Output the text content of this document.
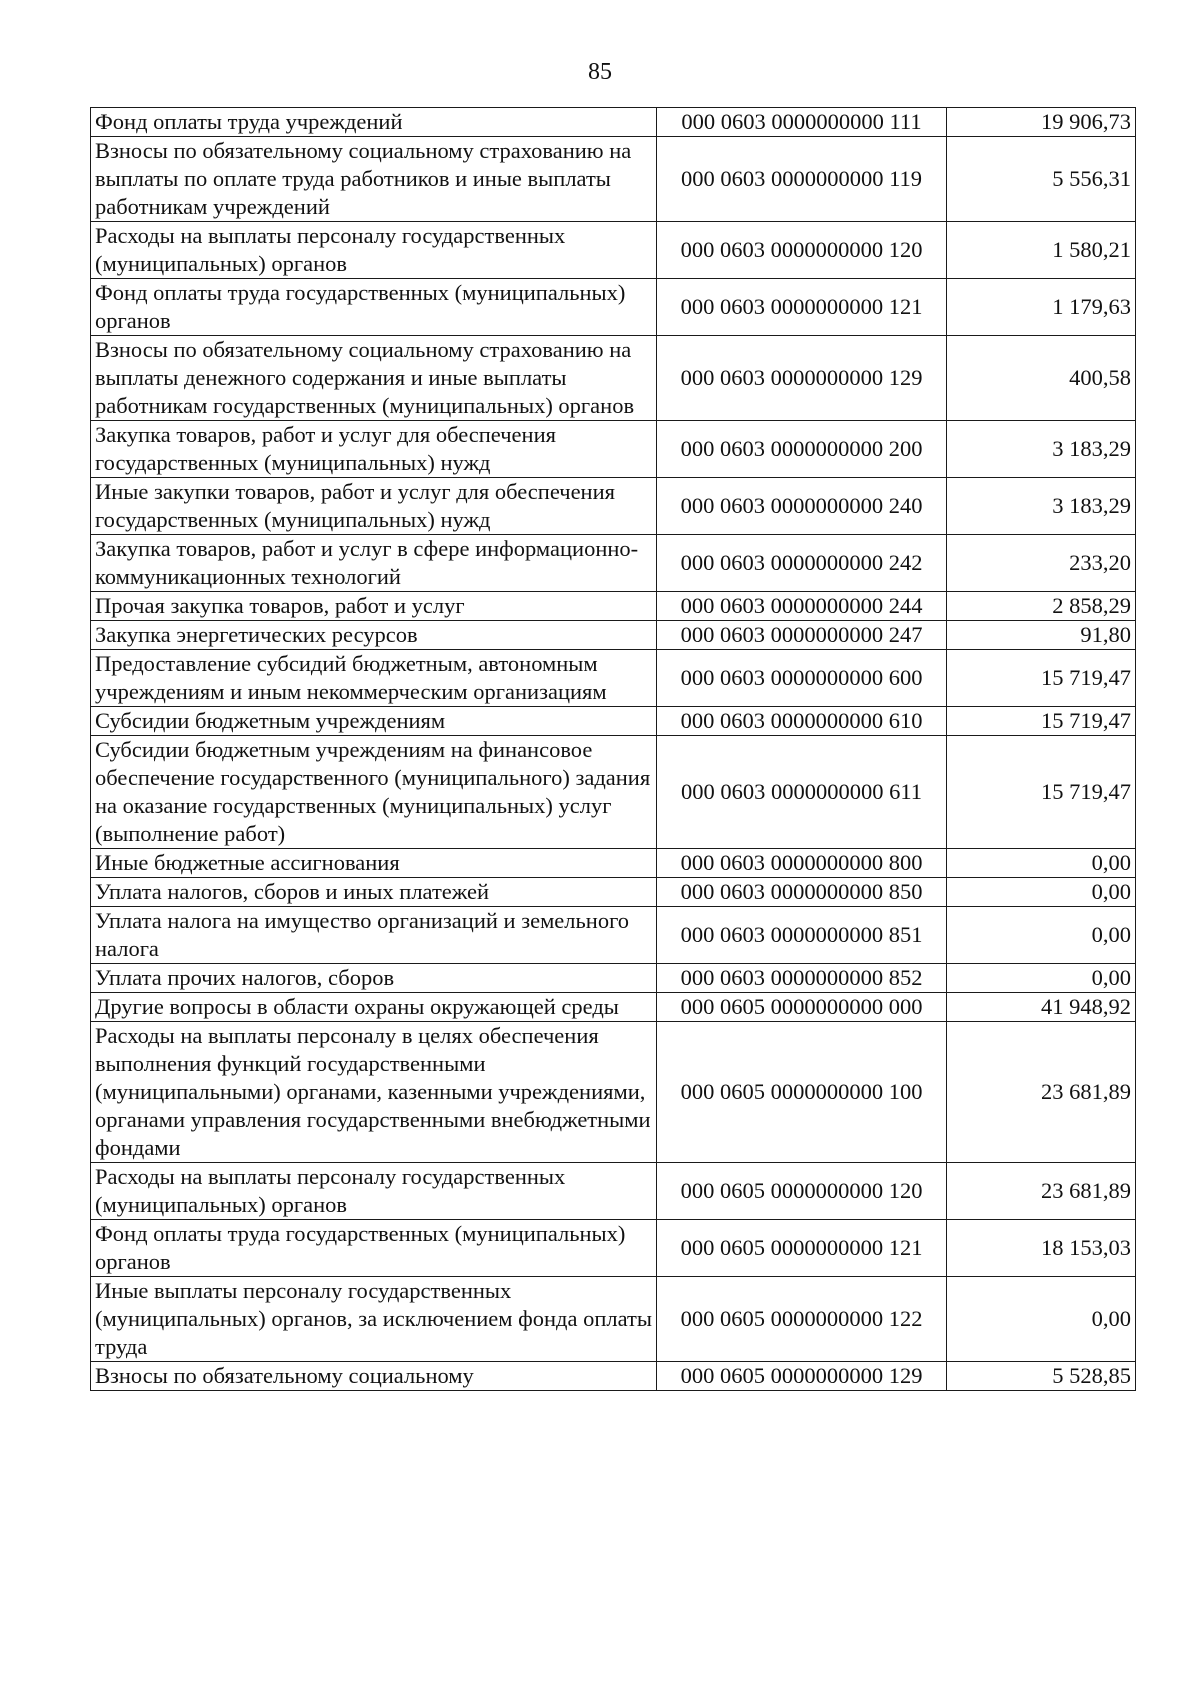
85
Фонд оплаты труда учреждений	000 0603 0000000000 111	19 906,73
Взносы по обязательному социальному страхованию на выплаты по оплате труда работников и иные выплаты работникам учреждений	000 0603 0000000000 119	5 556,31
Расходы на выплаты персоналу государственных (муниципальных) органов	000 0603 0000000000 120	1 580,21
Фонд оплаты труда государственных (муниципальных) органов	000 0603 0000000000 121	1 179,63
Взносы по обязательному социальному страхованию на выплаты денежного содержания и иные выплаты работникам государственных (муниципальных) органов	000 0603 0000000000 129	400,58
Закупка товаров, работ и услуг для обеспечения государственных (муниципальных) нужд	000 0603 0000000000 200	3 183,29
Иные закупки товаров, работ и услуг для обеспечения государственных (муниципальных) нужд	000 0603 0000000000 240	3 183,29
Закупка товаров, работ и услуг в сфере информационно-коммуникационных технологий	000 0603 0000000000 242	233,20
Прочая закупка товаров, работ и услуг	000 0603 0000000000 244	2 858,29
Закупка энергетических ресурсов	000 0603 0000000000 247	91,80
Предоставление субсидий бюджетным, автономным учреждениям и иным некоммерческим организациям	000 0603 0000000000 600	15 719,47
Субсидии бюджетным учреждениям	000 0603 0000000000 610	15 719,47
Субсидии бюджетным учреждениям на финансовое обеспечение государственного (муниципального) задания на оказание государственных (муниципальных) услуг (выполнение работ)	000 0603 0000000000 611	15 719,47
Иные бюджетные ассигнования	000 0603 0000000000 800	0,00
Уплата налогов, сборов и иных платежей	000 0603 0000000000 850	0,00
Уплата налога на имущество организаций и земельного налога	000 0603 0000000000 851	0,00
Уплата прочих налогов, сборов	000 0603 0000000000 852	0,00
Другие вопросы в области охраны окружающей среды	000 0605 0000000000 000	41 948,92
Расходы на выплаты персоналу в целях обеспечения выполнения функций государственными (муниципальными) органами, казенными учреждениями, органами управления государственными внебюджетными фондами	000 0605 0000000000 100	23 681,89
Расходы на выплаты персоналу государственных (муниципальных) органов	000 0605 0000000000 120	23 681,89
Фонд оплаты труда государственных (муниципальных) органов	000 0605 0000000000 121	18 153,03
Иные выплаты персоналу государственных (муниципальных) органов, за исключением фонда оплаты труда	000 0605 0000000000 122	0,00
Взносы по обязательному социальному	000 0605 0000000000 129	5 528,85
